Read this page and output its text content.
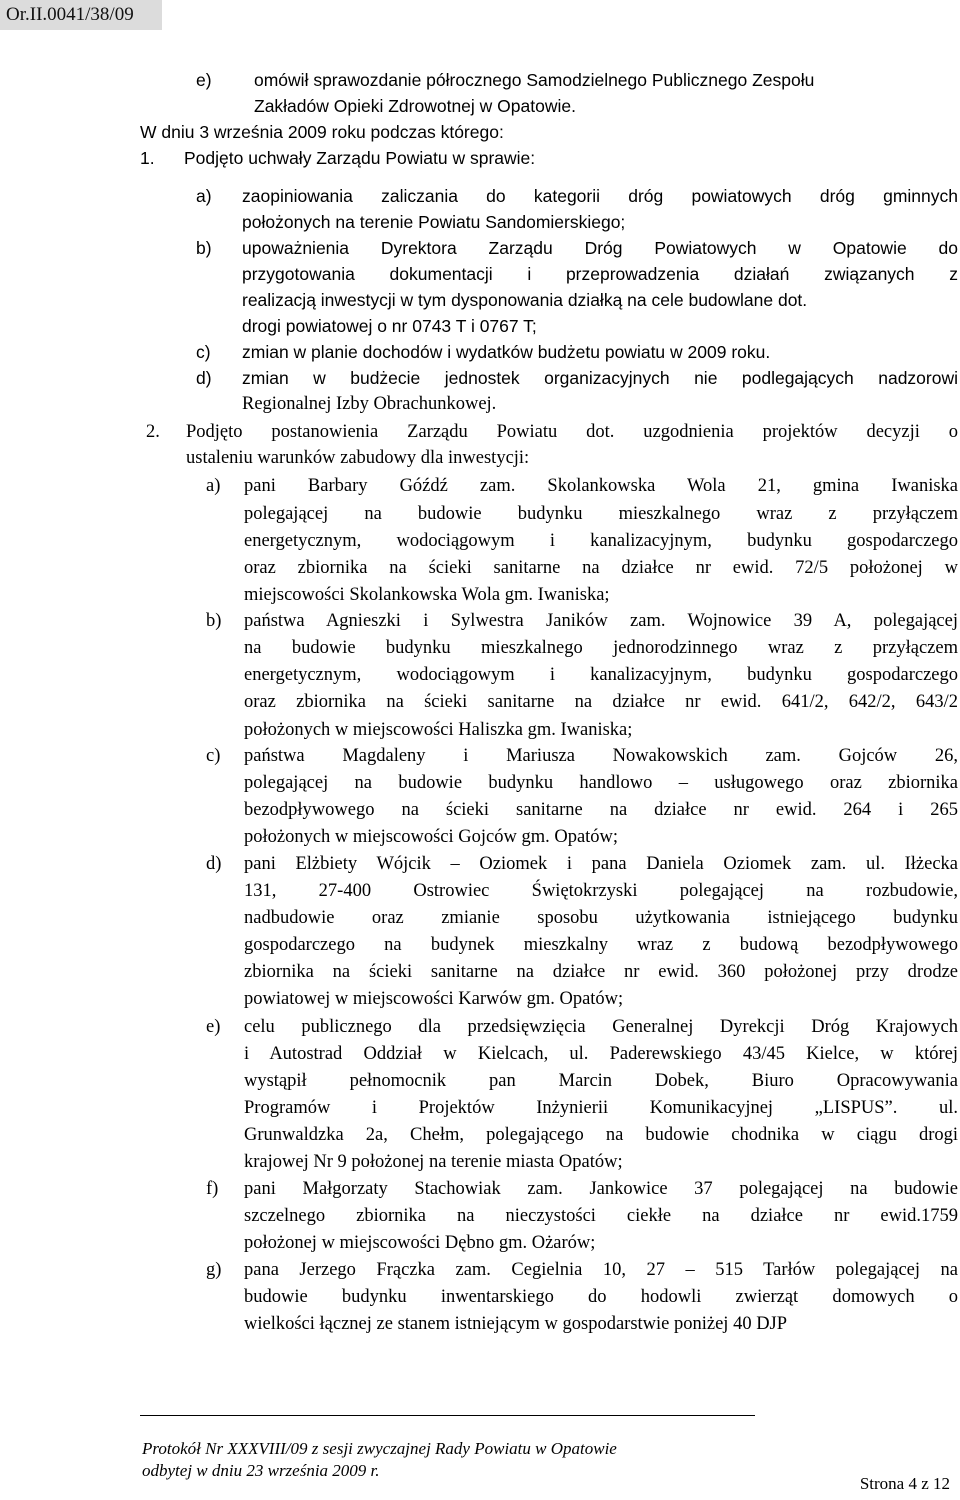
Or.II.0041/38/09
e) omówił sprawozdanie półrocznego Samodzielnego Publicznego Zespołu
Zakładów Opieki Zdrowotnej w Opatowie.
W dniu 3 września 2009 roku podczas którego:
1. Podjęto uchwały Zarządu Powiatu w sprawie:
a) zaopiniowania zaliczania do kategorii dróg powiatowych dróg gminnych
położonych na terenie Powiatu Sandomierskiego;
b) upoważnienia Dyrektora Zarządu Dróg Powiatowych w Opatowie do
przygotowania dokumentacji i przeprowadzenia działań związanych z
realizacją inwestycji w tym dysponowania działką na cele budowlane dot.
drogi powiatowej o nr 0743 T i 0767 T;
c) zmian w planie dochodów i wydatków budżetu powiatu w 2009 roku.
d) zmian w budżecie jednostek organizacyjnych nie podlegających nadzorowi
Regionalnej Izby Obrachunkowej.
2. Podjęto postanowienia Zarządu Powiatu dot. uzgodnienia projektów decyzji o
ustaleniu warunków zabudowy dla inwestycji:
a) pani Barbary Góźdź zam. Skolankowska Wola 21, gmina Iwaniska
polegającej na budowie budynku mieszkalnego wraz z przyłączem
energetycznym, wodociągowym i kanalizacyjnym, budynku gospodarczego
oraz zbiornika na ścieki sanitarne na działce nr ewid. 72/5 położonej w
miejscowości Skolankowska Wola gm. Iwaniska;
b) państwa Agnieszki i Sylwestra Janików zam. Wojnowice 39 A, polegającej
na budowie budynku mieszkalnego jednorodzinnego wraz z przyłączem
energetycznym, wodociągowym i kanalizacyjnym, budynku gospodarczego
oraz zbiornika na ścieki sanitarne na działce nr ewid. 641/2, 642/2, 643/2
położonych w miejscowości Haliszka gm. Iwaniska;
c) państwa Magdaleny i Mariusza Nowakowskich zam. Gojców 26,
polegającej na budowie budynku handlowo – usługowego oraz zbiornika
bezodpływowego na ścieki sanitarne na działce nr ewid. 264 i 265
położonych w miejscowości Gojców gm. Opatów;
d) pani Elżbiety Wójcik – Oziomek i pana Daniela Oziomek zam. ul. Iłżecka
131, 27-400 Ostrowiec Świętokrzyski polegającej na rozbudowie,
nadbudowie oraz zmianie sposobu użytkowania istniejącego budynku
gospodarczego na budynek mieszkalny wraz z budową bezodpływowego
zbiornika na ścieki sanitarne na działce nr ewid. 360 położonej przy drodze
powiatowej w miejscowości Karwów gm. Opatów;
e) celu publicznego dla przedsięwzięcia Generalnej Dyrekcji Dróg Krajowych
i Autostrad Oddział w Kielcach, ul. Paderewskiego 43/45 Kielce, w której
wystąpił pełnomocnik pan Marcin Dobek, Biuro Opracowywania
Programów i Projektów Inżynierii Komunikacyjnej „LISPUS”. ul.
Grunwaldzka 2a, Chełm, polegającego na budowie chodnika w ciągu drogi
krajowej Nr 9 położonej na terenie miasta Opatów;
f) pani Małgorzaty Stachowiak zam. Jankowice 37 polegającej na budowie
szczelnego zbiornika na nieczystości ciekłe na działce nr ewid.1759
położonej w miejscowości Dębno gm. Ożarów;
g) pana Jerzego Frączka zam. Cegielnia 10, 27 – 515 Tarłów polegającej na
budowie budynku inwentarskiego do hodowli zwierząt domowych o
wielkości łącznej ze stanem istniejącym w gospodarstwie poniżej 40 DJP
Protokół Nr XXXVIII/09 z sesji zwyczajnej Rady Powiatu w Opatowie
odbytej w dniu 23 września 2009 r.
Strona 4 z 12
